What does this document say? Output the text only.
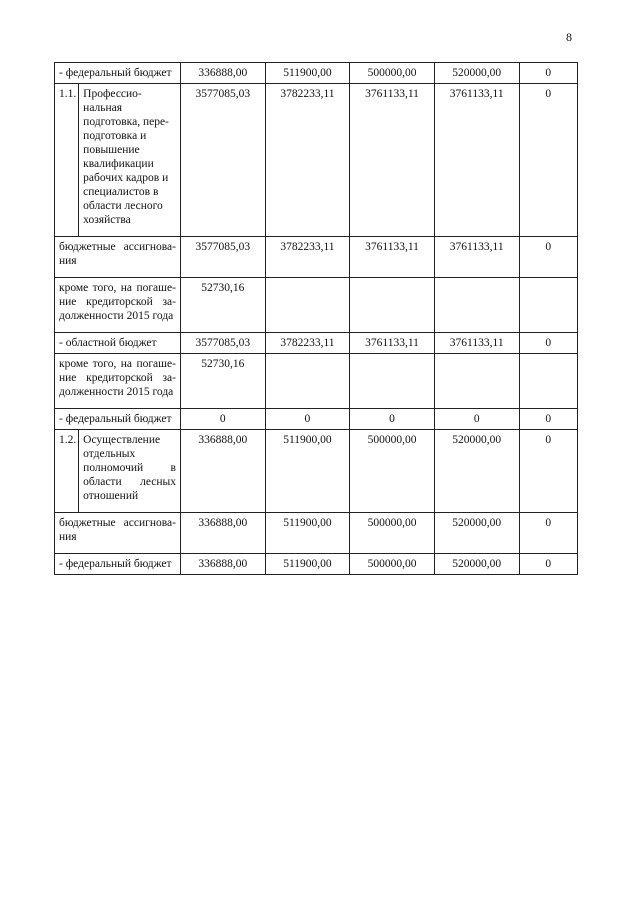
8
- федеральный бюджет		336888,00	511900,00	500000,00	520000,00	0
1.1.	Профессио-нальная подготовка, пере-подготовка и повышение квалификации рабочих кадров и специалистов в области лесного хозяйства	3577085,03	3782233,11	3761133,11	3761133,11	0
бюджетные ассигнова-ния		3577085,03	3782233,11	3761133,11	3761133,11	0
кроме того, на погаше-ние кредиторской за-долженности 2015 года		52730,16				
- областной бюджет		3577085,03	3782233,11	3761133,11	3761133,11	0
кроме того, на погаше-ние кредиторской за-долженности 2015 года		52730,16				
- федеральный бюджет		0	0	0	0	0
1.2.	Осуществление отдельных полномочий в области лесных отношений	336888,00	511900,00	500000,00	520000,00	0
бюджетные ассигнова-ния		336888,00	511900,00	500000,00	520000,00	0
- федеральный бюджет		336888,00	511900,00	500000,00	520000,00	0
